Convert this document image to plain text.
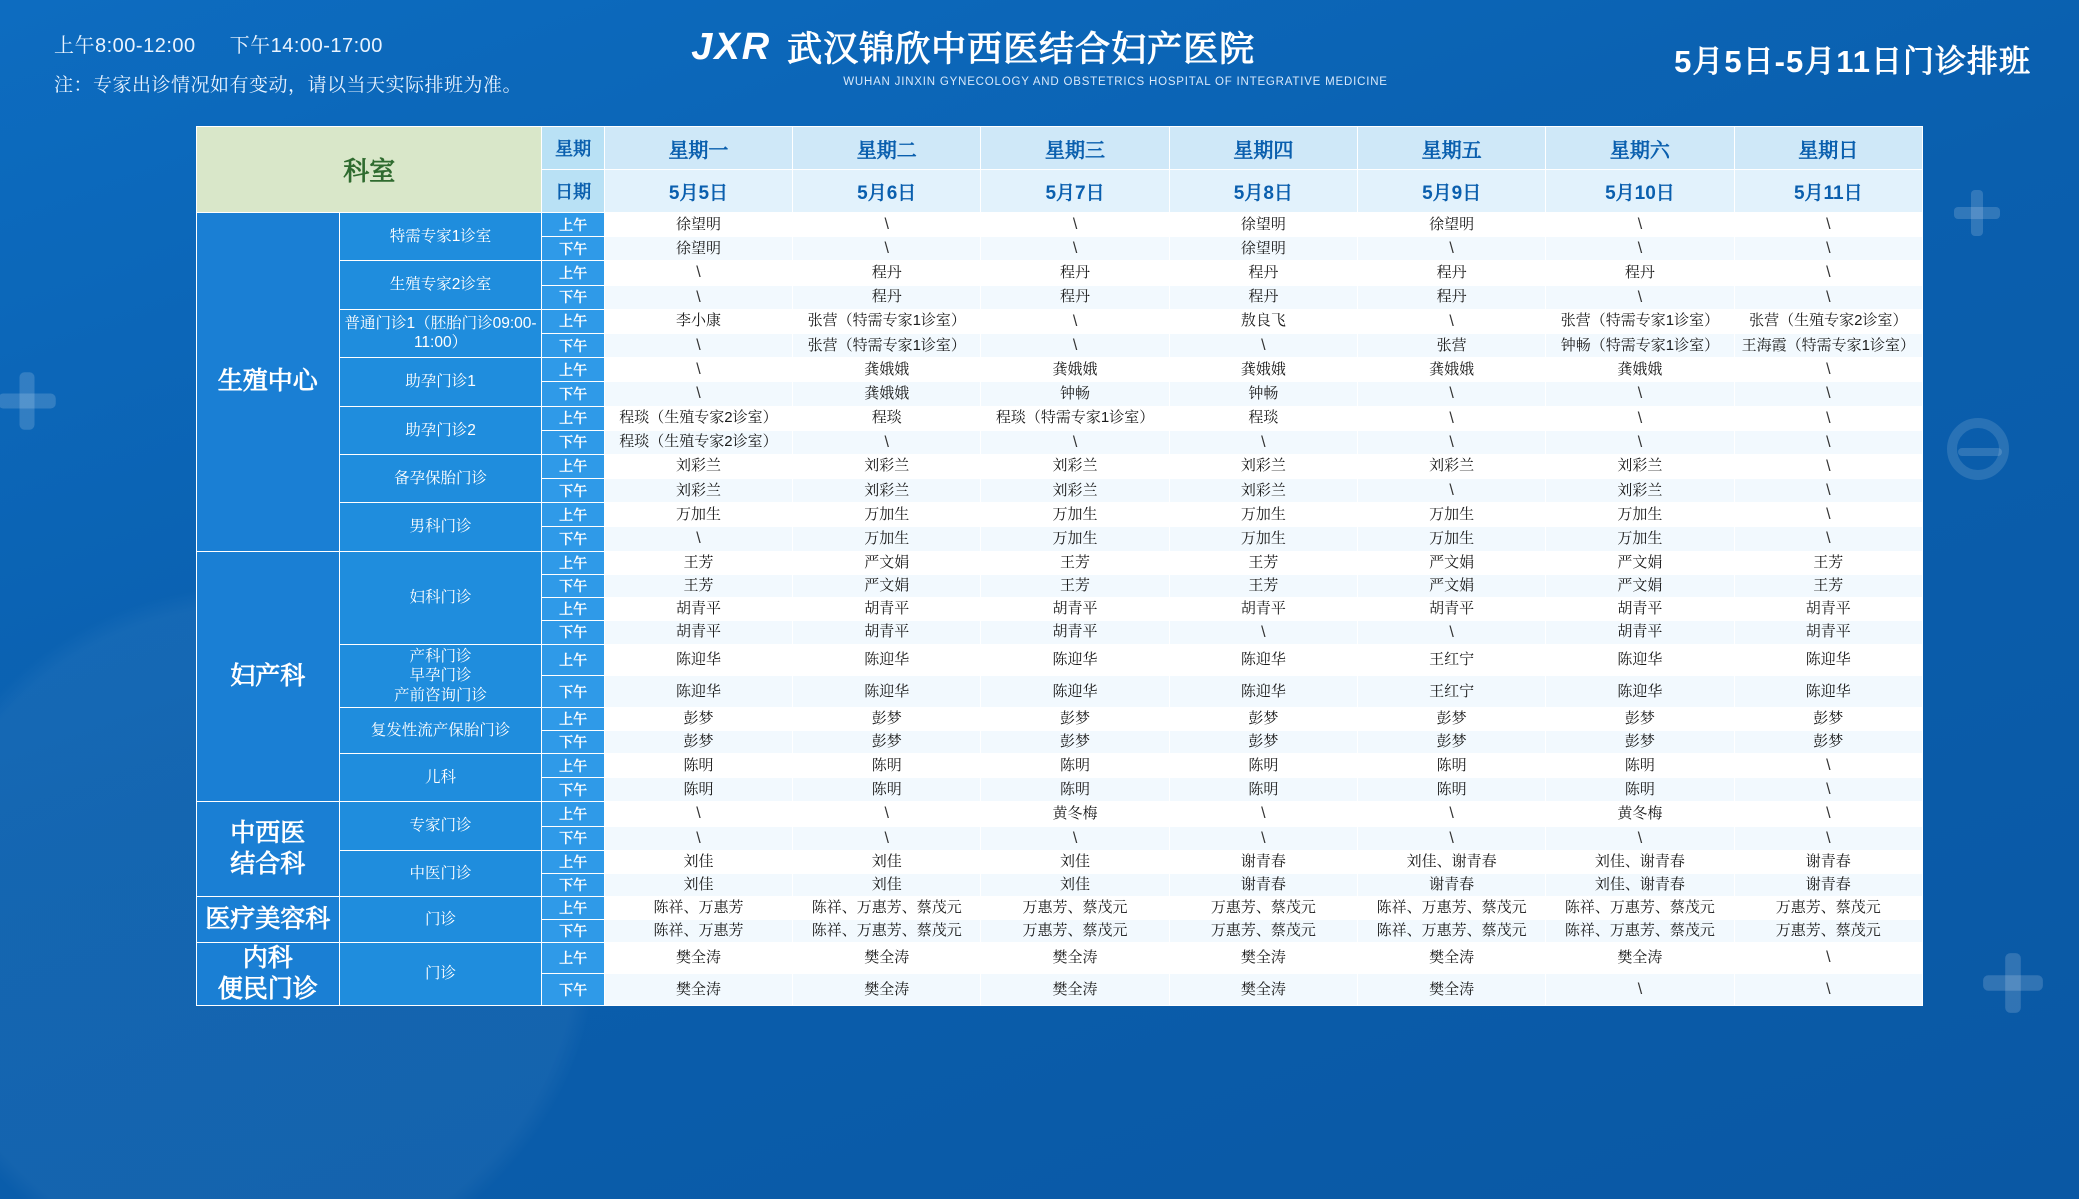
上午8:00-12:00 下午14:00-17:00
注：专家出诊情况如有变动，请以当天实际排班为准。
JXR 武汉锦欣中西医结合妇产医院
WUHAN JINXIN GYNECOLOGY AND OBSTETRICS HOSPITAL OF INTEGRATIVE MEDICINE
5月5日-5月11日门诊排班
科室		星期	星期一	星期二	星期三	星期四	星期五	星期六	星期日
		日期	5月5日	5月6日	5月7日	5月8日	5月9日	5月10日	5月11日
生殖中心	特需专家1诊室	上午	徐望明	\	\	徐望明	徐望明	\	\
		下午	徐望明	\	\	徐望明	\	\	\
	生殖专家2诊室	上午	\	程丹	程丹	程丹	程丹	程丹	\
		下午	\	程丹	程丹	程丹	程丹	\	\
	普通门诊1（胚胎门诊09:00-11:00）	上午	李小康	张营（特需专家1诊室）	\	敖良飞	\	张营（特需专家1诊室）	张营（生殖专家2诊室）
		下午	\	张营（特需专家1诊室）	\	\	张营	钟畅（特需专家1诊室）	王海霞（特需专家1诊室）
	助孕门诊1	上午	\	龚娥娥	龚娥娥	龚娥娥	龚娥娥	龚娥娥	\
		下午	\	龚娥娥	钟畅	钟畅	\	\	\
	助孕门诊2	上午	程琰（生殖专家2诊室）	程琰	程琰（特需专家1诊室）	程琰	\	\	\
		下午	程琰（生殖专家2诊室）	\	\	\	\	\	\
	备孕保胎门诊	上午	刘彩兰	刘彩兰	刘彩兰	刘彩兰	刘彩兰	刘彩兰	\
		下午	刘彩兰	刘彩兰	刘彩兰	刘彩兰	\	刘彩兰	\
	男科门诊	上午	万加生	万加生	万加生	万加生	万加生	万加生	\
		下午	\	万加生	万加生	万加生	万加生	万加生	\
妇产科	妇科门诊	上午	王芳	严文娟	王芳	王芳	严文娟	严文娟	王芳
		下午	王芳	严文娟	王芳	王芳	严文娟	严文娟	王芳
		上午	胡青平	胡青平	胡青平	胡青平	胡青平	胡青平	胡青平
		下午	胡青平	胡青平	胡青平	\	\	胡青平	胡青平
	产科门诊
早孕门诊
产前咨询门诊	上午	陈迎华	陈迎华	陈迎华	陈迎华	王红宁	陈迎华	陈迎华
		下午	陈迎华	陈迎华	陈迎华	陈迎华	王红宁	陈迎华	陈迎华
	复发性流产保胎门诊	上午	彭梦	彭梦	彭梦	彭梦	彭梦	彭梦	彭梦
		下午	彭梦	彭梦	彭梦	彭梦	彭梦	彭梦	彭梦
	儿科	上午	陈明	陈明	陈明	陈明	陈明	陈明	\
		下午	陈明	陈明	陈明	陈明	陈明	陈明	\
中西医
结合科	专家门诊	上午	\	\	黄冬梅	\	\	黄冬梅	\
		下午	\	\	\	\	\	\	\
	中医门诊	上午	刘佳	刘佳	刘佳	谢青春	刘佳、谢青春	刘佳、谢青春	谢青春
		下午	刘佳	刘佳	刘佳	谢青春	谢青春	刘佳、谢青春	谢青春
医疗美容科	门诊	上午	陈祥、万惠芳	陈祥、万惠芳、蔡茂元	万惠芳、蔡茂元	万惠芳、蔡茂元	陈祥、万惠芳、蔡茂元	陈祥、万惠芳、蔡茂元	万惠芳、蔡茂元
		下午	陈祥、万惠芳	陈祥、万惠芳、蔡茂元	万惠芳、蔡茂元	万惠芳、蔡茂元	陈祥、万惠芳、蔡茂元	陈祥、万惠芳、蔡茂元	万惠芳、蔡茂元
内科
便民门诊	门诊	上午	樊全涛	樊全涛	樊全涛	樊全涛	樊全涛	樊全涛	\
		下午	樊全涛	樊全涛	樊全涛	樊全涛	樊全涛	\	\
